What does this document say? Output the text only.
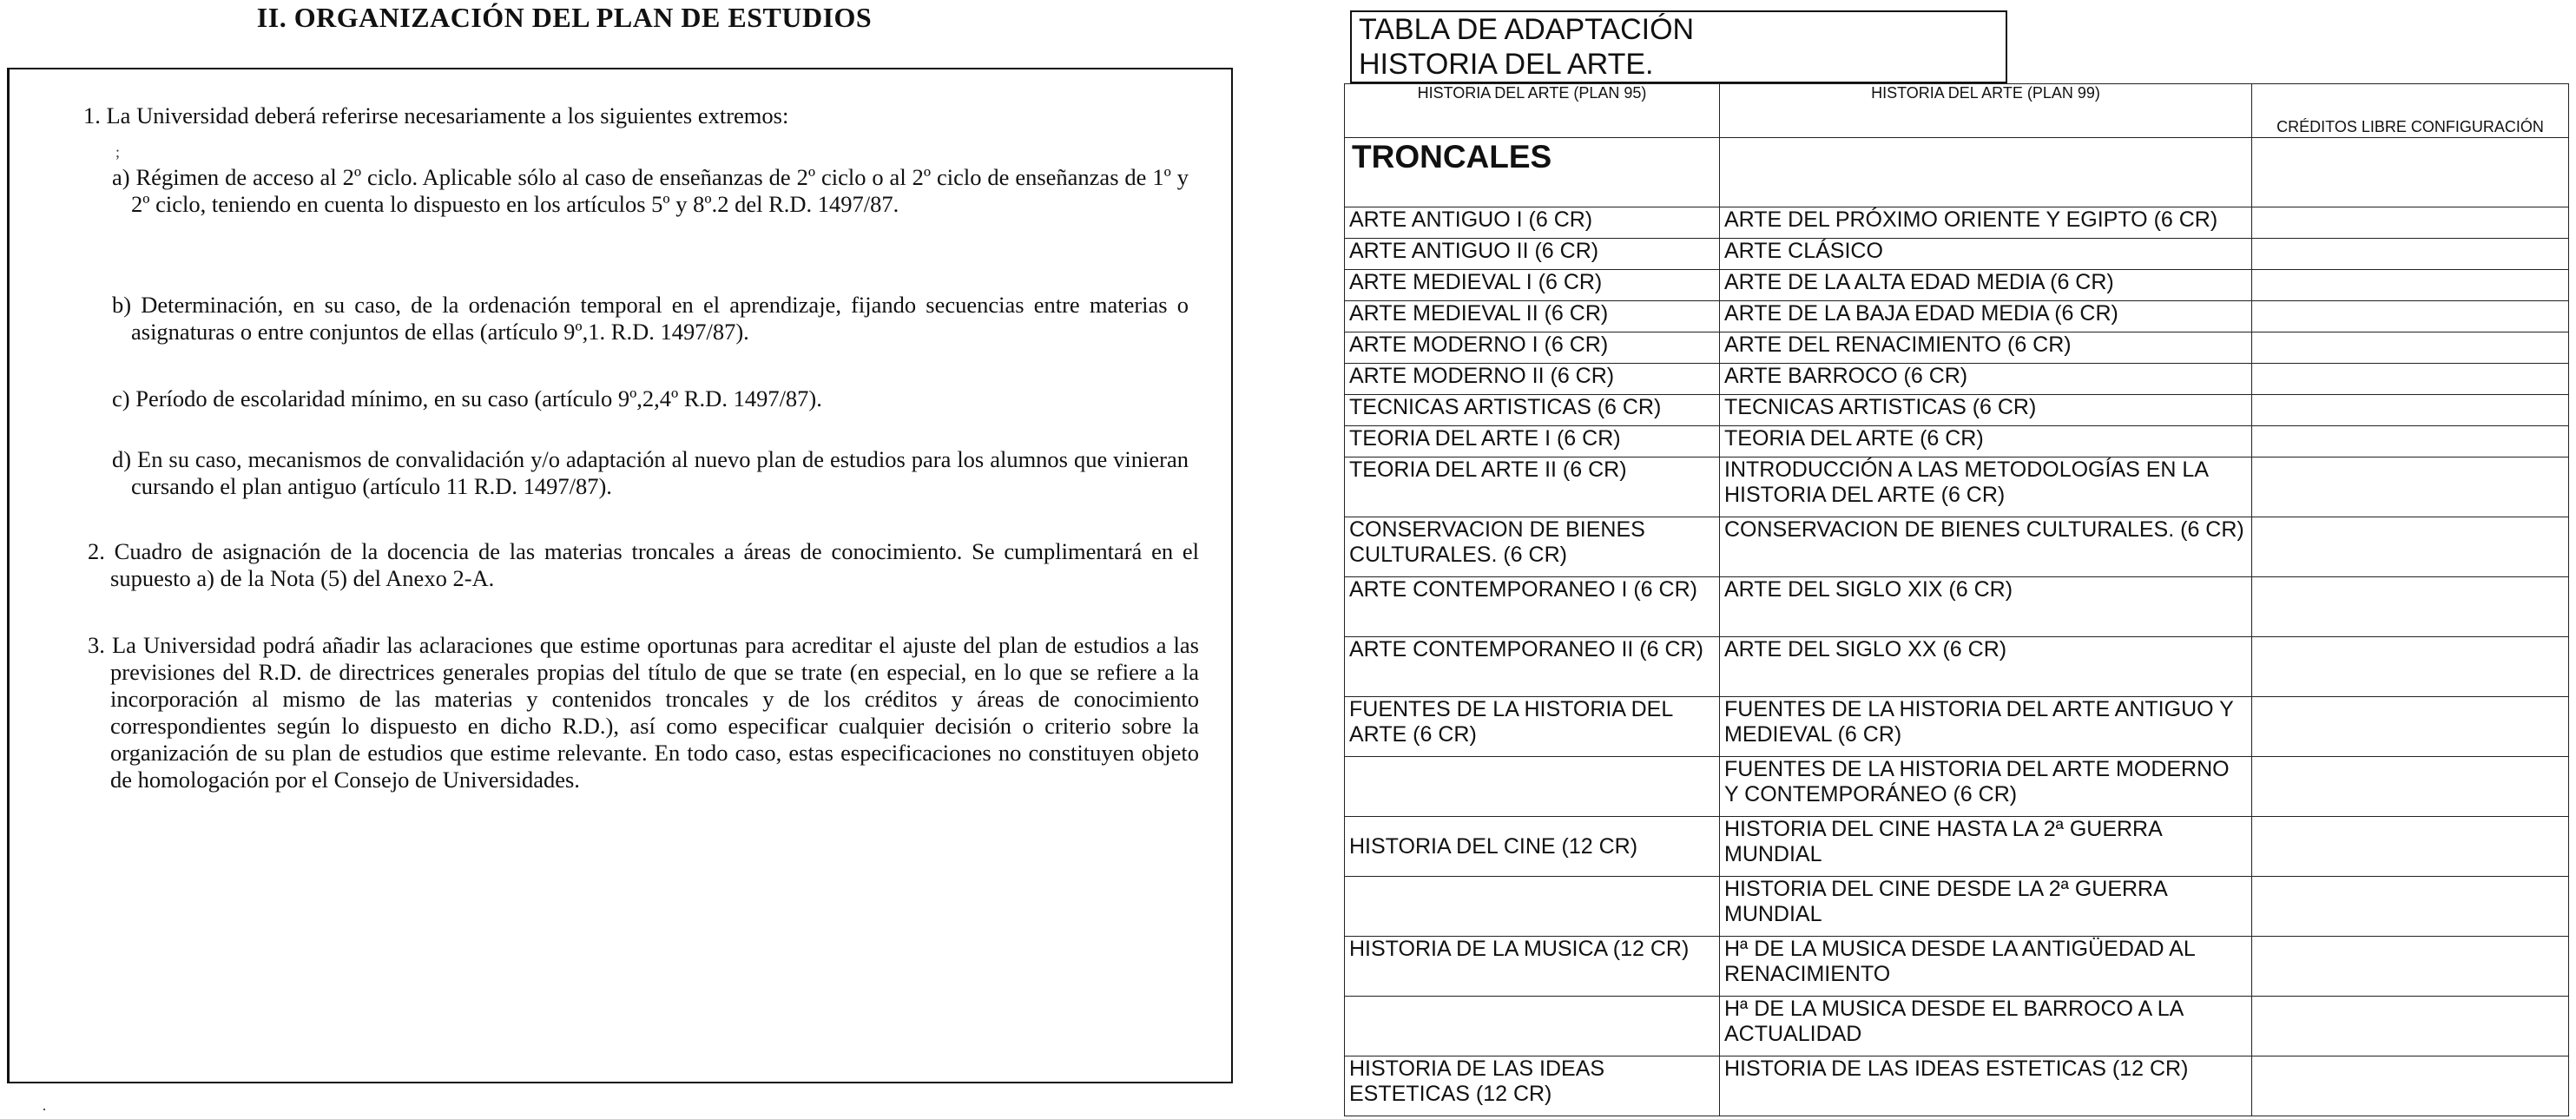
II. ORGANIZACIÓN DEL PLAN DE ESTUDIOS
1. La Universidad deberá referirse necesariamente a los siguientes extremos:
;
a) Régimen de acceso al 2º ciclo. Aplicable sólo al caso de enseñanzas de 2º ciclo o al 2º ciclo de enseñanzas de 1º y 2º ciclo, teniendo en cuenta lo dispuesto en los artículos 5º y 8º.2 del R.D. 1497/87.
b) Determinación, en su caso, de la ordenación temporal en el aprendizaje, fijando secuencias entre materias o asignaturas o entre conjuntos de ellas (artículo 9º,1. R.D. 1497/87).
c) Período de escolaridad mínimo, en su caso (artículo 9º,2,4º R.D. 1497/87).
d) En su caso, mecanismos de convalidación y/o adaptación al nuevo plan de estudios para los alumnos que vinieran cursando el plan antiguo (artículo 11 R.D. 1497/87).
2. Cuadro de asignación de la docencia de las materias troncales a áreas de conocimiento. Se cumplimentará en el supuesto a) de la Nota (5) del Anexo 2-A.
3. La Universidad podrá añadir las aclaraciones que estime oportunas para acreditar el ajuste del plan de estudios a las previsiones del R.D. de directrices generales propias del título de que se trate (en especial, en lo que se refiere a la incorporación al mismo de las materias y contenidos troncales y de los créditos y áreas de conocimiento correspondientes según lo dispuesto en dicho R.D.), así como especificar cualquier decisión o criterio sobre la organización de su plan de estudios que estime relevante. En todo caso, estas especificaciones no constituyen objeto de homologación por el Consejo de Universidades.
·
TABLA DE ADAPTACIÓN
HISTORIA DEL ARTE.
HISTORIA DEL ARTE (PLAN 95)	HISTORIA DEL ARTE (PLAN 99)	CRÉDITOS LIBRE CONFIGURACIÓN
TRONCALES		
ARTE ANTIGUO I (6 CR)	ARTE DEL PRÓXIMO ORIENTE Y EGIPTO (6 CR)	
ARTE ANTIGUO II (6 CR)	ARTE CLÁSICO	
ARTE MEDIEVAL I (6 CR)	ARTE DE LA ALTA EDAD MEDIA (6 CR)	
ARTE MEDIEVAL II (6 CR)	ARTE DE LA BAJA EDAD MEDIA (6 CR)	
ARTE MODERNO I (6 CR)	ARTE DEL RENACIMIENTO (6 CR)	
ARTE MODERNO II (6 CR)	ARTE BARROCO (6 CR)	
TECNICAS ARTISTICAS (6 CR)	TECNICAS ARTISTICAS (6 CR)	
TEORIA DEL ARTE I (6 CR)	TEORIA DEL ARTE (6 CR)	
TEORIA DEL ARTE II (6 CR)	INTRODUCCIÓN A LAS METODOLOGÍAS EN LA HISTORIA DEL ARTE (6 CR)	
CONSERVACION DE BIENES CULTURALES. (6 CR)	CONSERVACION DE BIENES CULTURALES. (6 CR)	
ARTE CONTEMPORANEO I (6 CR)	ARTE DEL SIGLO XIX (6 CR)	
ARTE CONTEMPORANEO II (6 CR)	ARTE DEL SIGLO XX (6 CR)	
FUENTES DE LA HISTORIA DEL ARTE (6 CR)	FUENTES DE LA HISTORIA DEL ARTE ANTIGUO Y MEDIEVAL (6 CR)	
	FUENTES DE LA HISTORIA DEL ARTE MODERNO Y CONTEMPORÁNEO (6 CR)	
HISTORIA DEL CINE (12 CR)	HISTORIA DEL CINE HASTA LA 2ª GUERRA MUNDIAL	
	HISTORIA DEL CINE DESDE LA 2ª GUERRA MUNDIAL	
HISTORIA DE LA MUSICA (12 CR)	Hª DE LA MUSICA DESDE LA ANTIGÜEDAD AL RENACIMIENTO	
	Hª DE LA MUSICA DESDE EL BARROCO A LA ACTUALIDAD	
HISTORIA DE LAS IDEAS ESTETICAS (12 CR)	HISTORIA DE LAS IDEAS ESTETICAS (12 CR)	
